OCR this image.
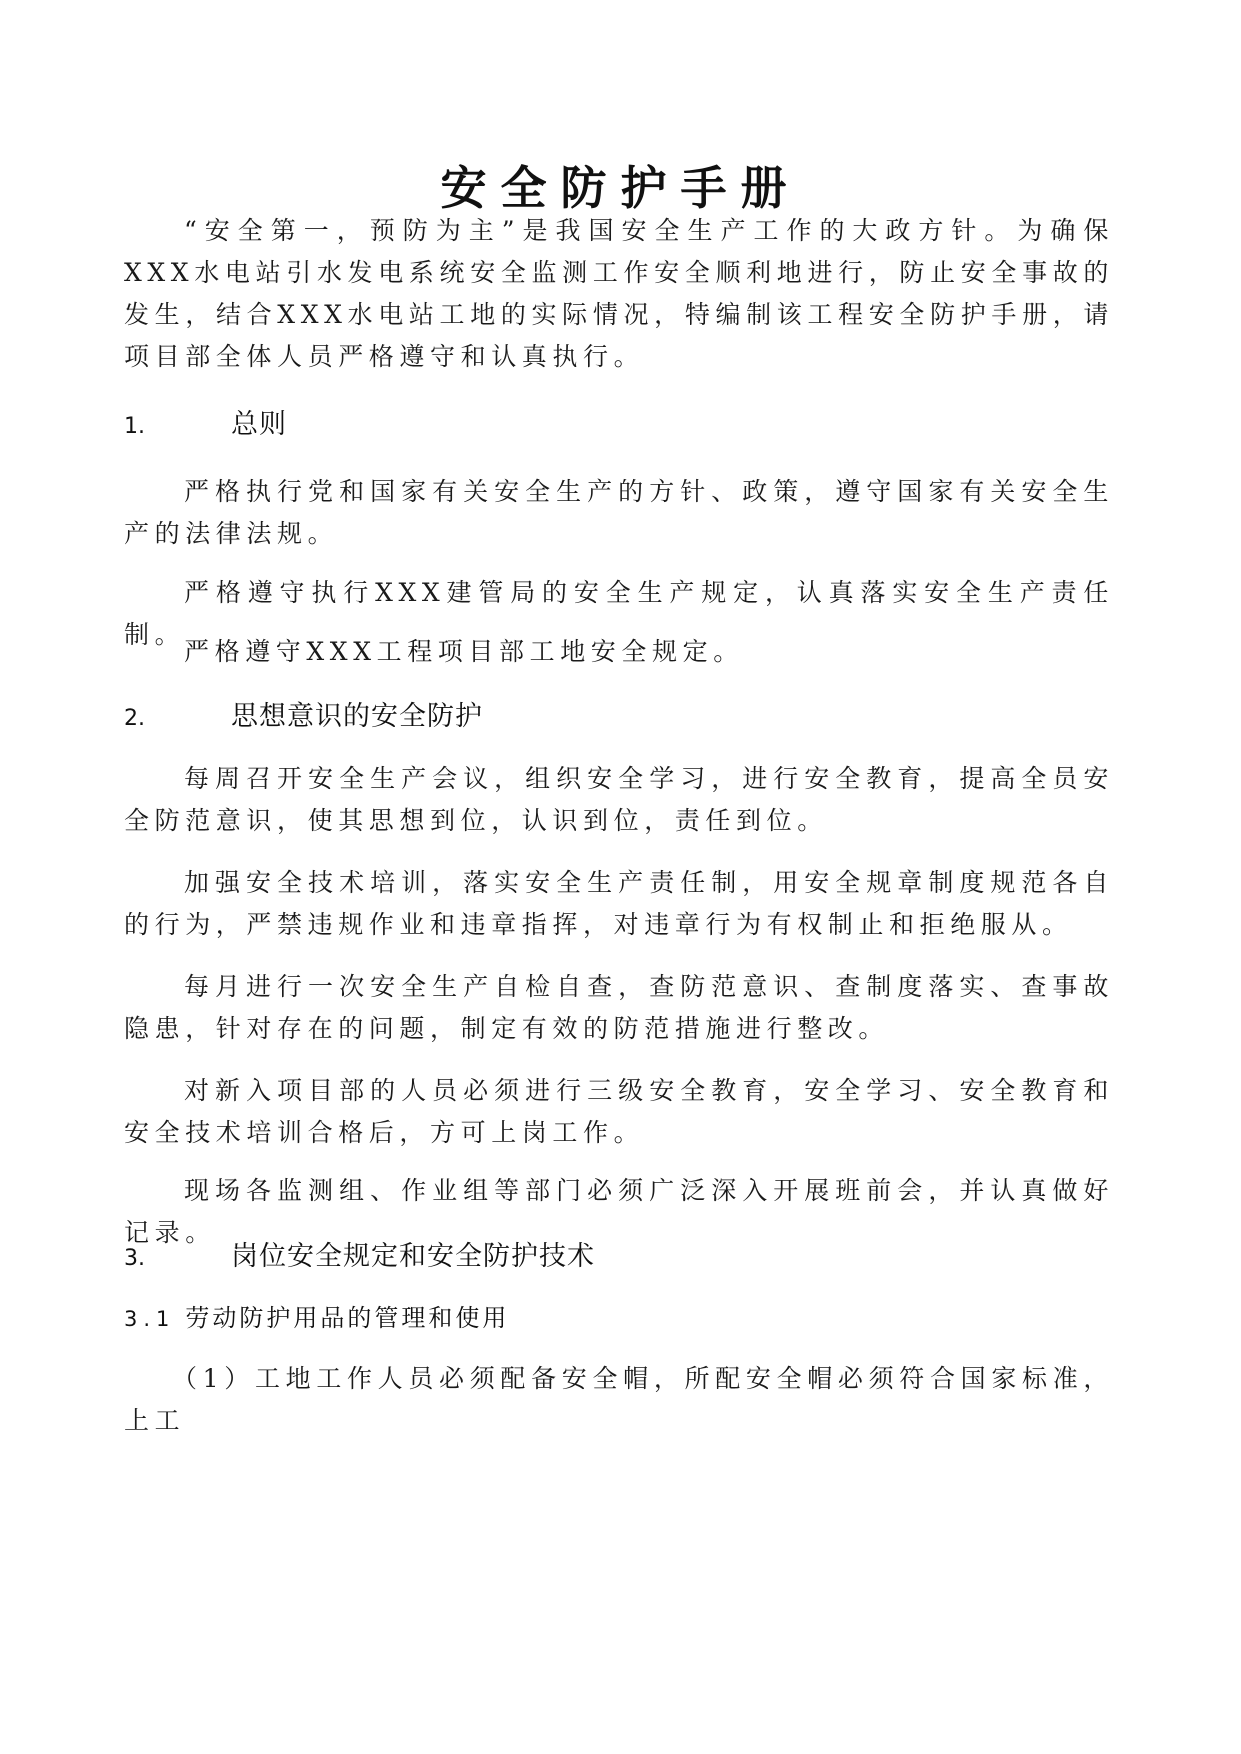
安全防护手册

“安全第一，预防为主”是我国安全生产工作的大政方针。为确保XXX水电站引水发电系统安全监测工作安全顺利地进行，防止安全事故的发生，结合XXX水电站工地的实际情况，特编制该工程安全防护手册，请项目部全体人员严格遵守和认真执行。

1.	总则

严格执行党和国家有关安全生产的方针、政策，遵守国家有关安全生产的法律法规。

严格遵守执行XXX建管局的安全生产规定，认真落实安全生产责任制。

严格遵守XXX工程项目部工地安全规定。

2.	思想意识的安全防护

每周召开安全生产会议，组织安全学习，进行安全教育，提高全员安全防范意识，使其思想到位，认识到位，责任到位。

加强安全技术培训，落实安全生产责任制，用安全规章制度规范各自的行为，严禁违规作业和违章指挥，对违章行为有权制止和拒绝服从。

每月进行一次安全生产自检自查，查防范意识、查制度落实、查事故隐患，针对存在的问题，制定有效的防范措施进行整改。

对新入项目部的人员必须进行三级安全教育，安全学习、安全教育和安全技术培训合格后，方可上岗工作。

现场各监测组、作业组等部门必须广泛深入开展班前会，并认真做好记录。

3.	岗位安全规定和安全防护技术
3.1 劳动防护用品的管理和使用

（1）工地工作人员必须配备安全帽，所配安全帽必须符合国家标准，上工
